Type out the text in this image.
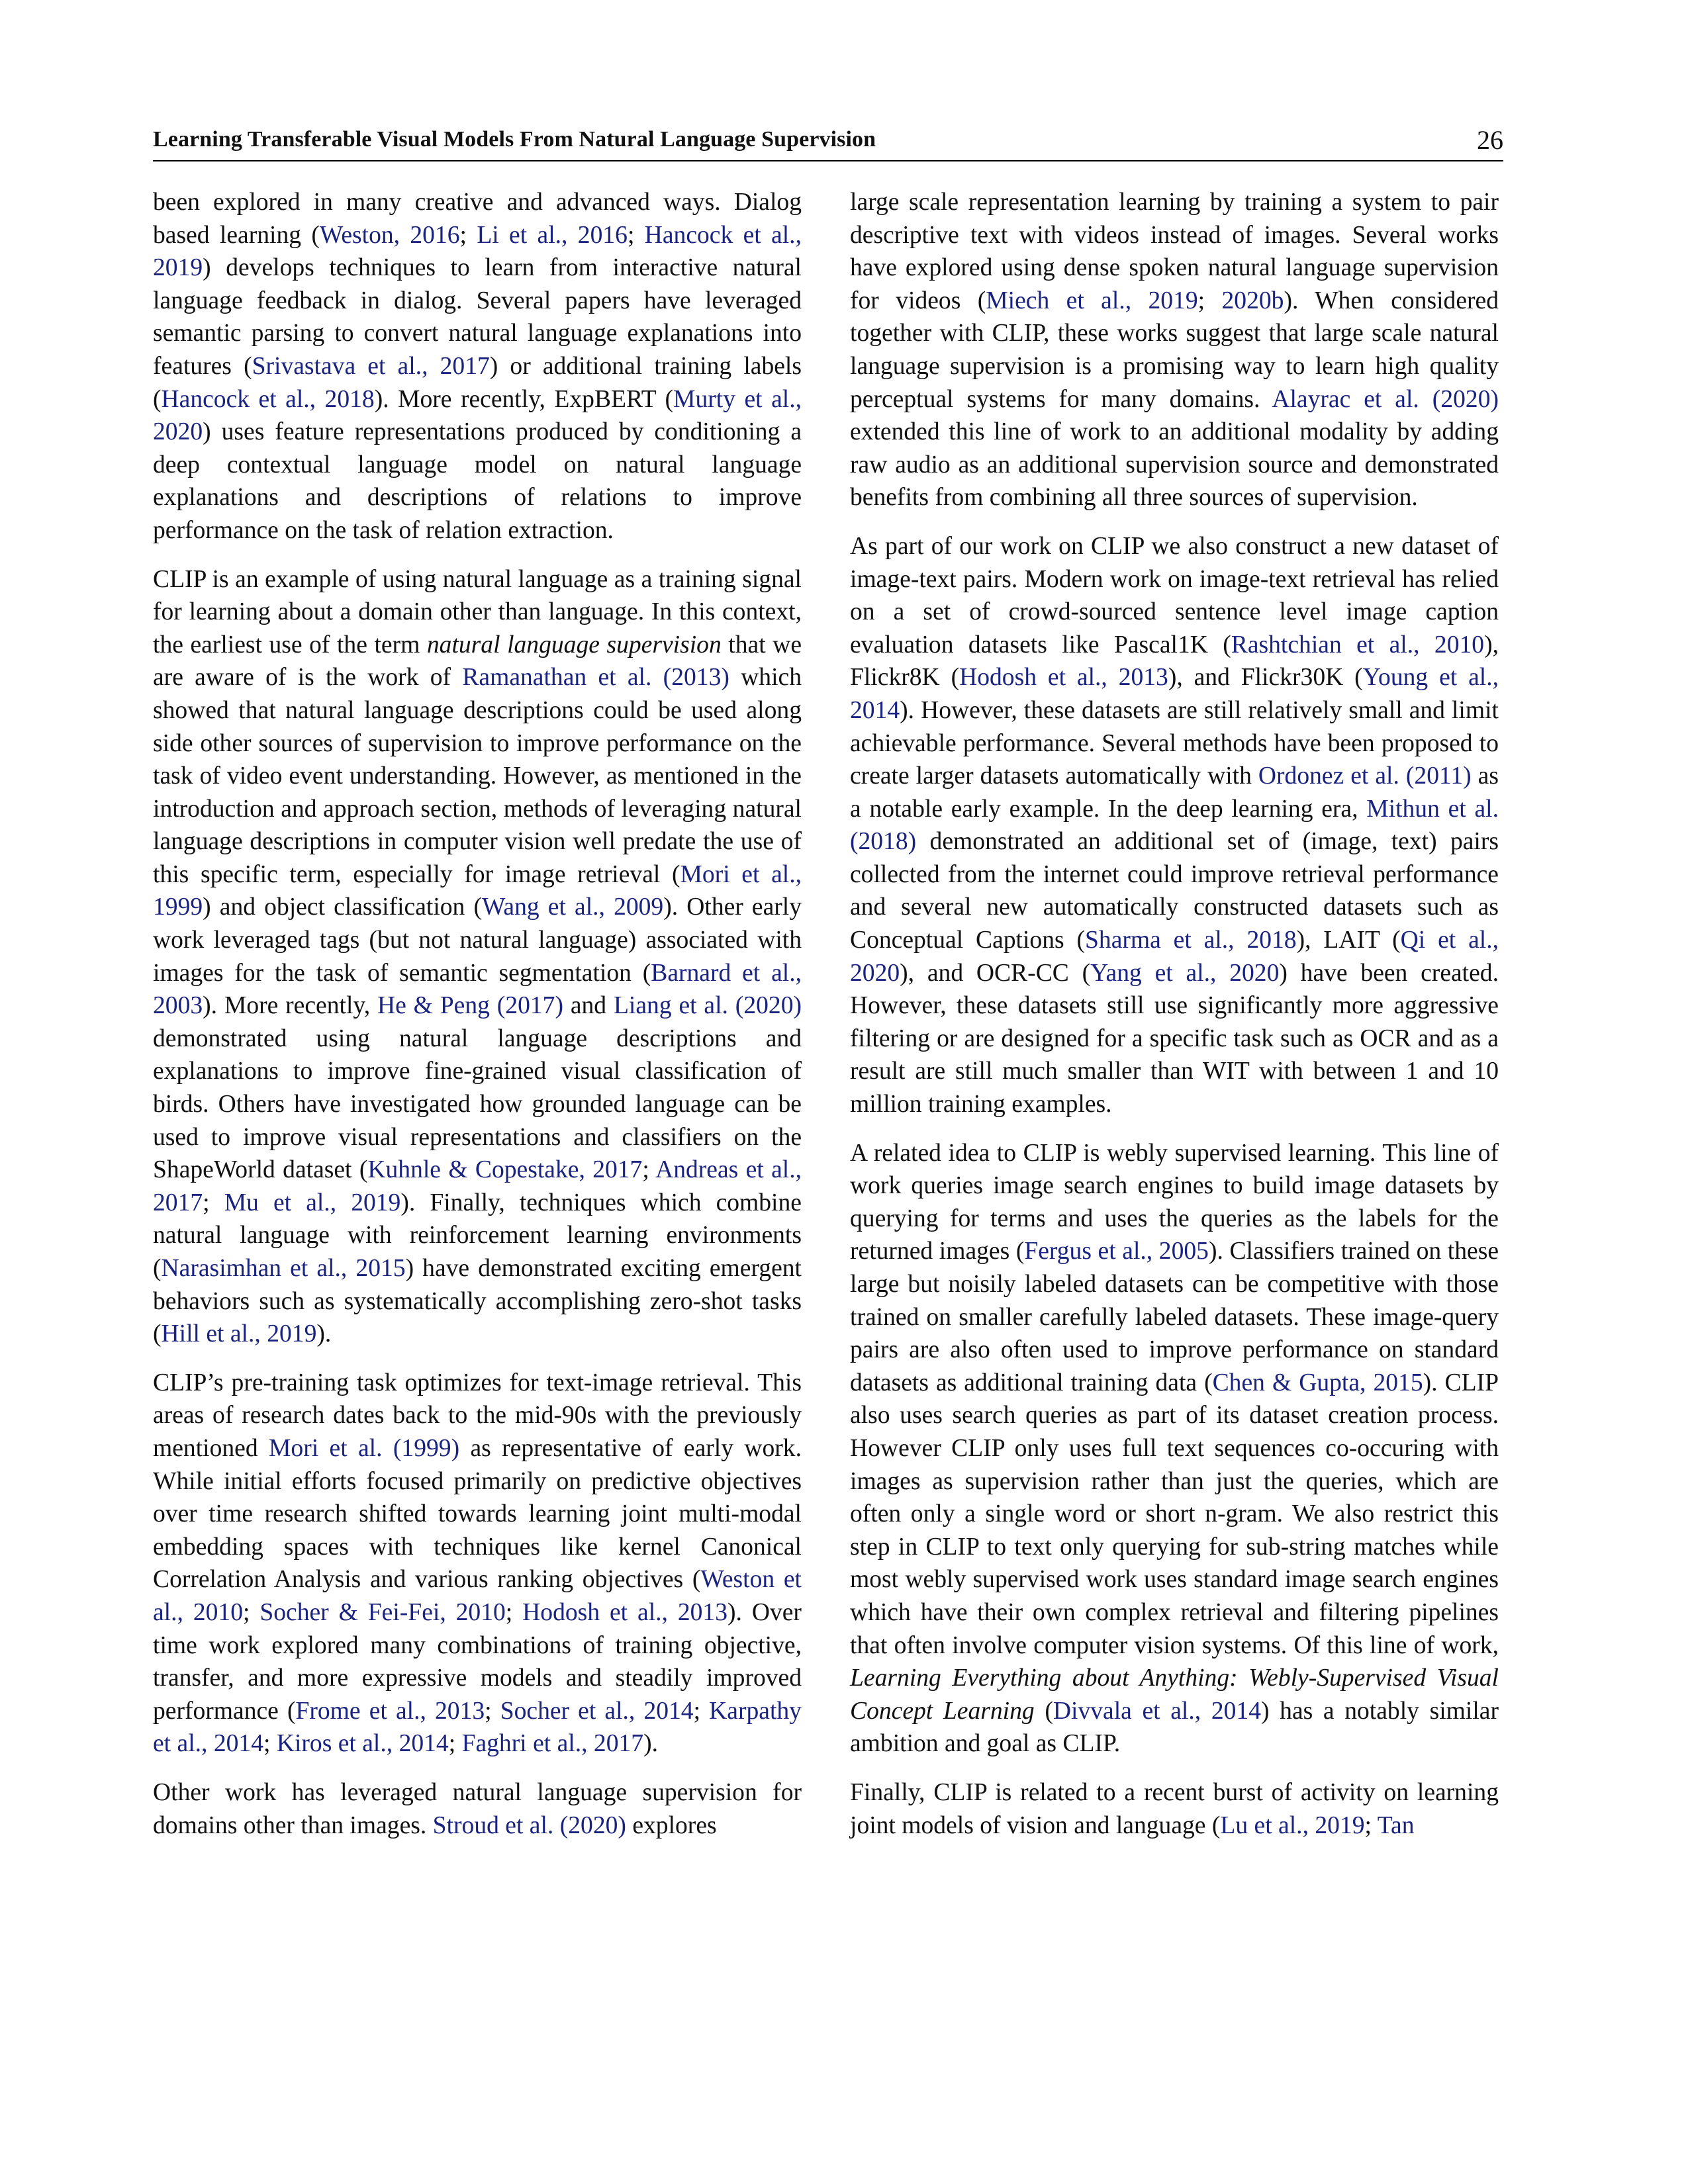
Learning Transferable Visual Models From Natural Language Supervision	26

been explored in many creative and advanced ways. Dialog based learning (Weston, 2016; Li et al., 2016; Hancock et al., 2019) develops techniques to learn from interactive natural language feedback in dialog. Several papers have leveraged semantic parsing to convert natural language explanations into features (Srivastava et al., 2017) or additional training labels (Hancock et al., 2018). More recently, ExpBERT (Murty et al., 2020) uses feature representations produced by conditioning a deep contextual language model on natural language explanations and descriptions of relations to improve performance on the task of relation extraction.

CLIP is an example of using natural language as a training signal for learning about a domain other than language. In this context, the earliest use of the term natural language supervision that we are aware of is the work of Ramanathan et al. (2013) which showed that natural language descriptions could be used along side other sources of supervision to improve performance on the task of video event understanding. However, as mentioned in the introduction and approach section, methods of leveraging natural language descriptions in computer vision well predate the use of this specific term, especially for image retrieval (Mori et al., 1999) and object classification (Wang et al., 2009). Other early work leveraged tags (but not natural language) associated with images for the task of semantic segmentation (Barnard et al., 2003). More recently, He & Peng (2017) and Liang et al. (2020) demonstrated using natural language descriptions and explanations to improve fine-grained visual classification of birds. Others have investigated how grounded language can be used to improve visual representations and classifiers on the ShapeWorld dataset (Kuhnle & Copestake, 2017; Andreas et al., 2017; Mu et al., 2019). Finally, techniques which combine natural language with reinforcement learning environments (Narasimhan et al., 2015) have demonstrated exciting emergent behaviors such as systematically accomplishing zero-shot tasks (Hill et al., 2019).

CLIP’s pre-training task optimizes for text-image retrieval. This areas of research dates back to the mid-90s with the previously mentioned Mori et al. (1999) as representative of early work. While initial efforts focused primarily on predictive objectives over time research shifted towards learning joint multi-modal embedding spaces with techniques like kernel Canonical Correlation Analysis and various ranking objectives (Weston et al., 2010; Socher & Fei-Fei, 2010; Hodosh et al., 2013). Over time work explored many combinations of training objective, transfer, and more expressive models and steadily improved performance (Frome et al., 2013; Socher et al., 2014; Karpathy et al., 2014; Kiros et al., 2014; Faghri et al., 2017).

Other work has leveraged natural language supervision for domains other than images. Stroud et al. (2020) explores

large scale representation learning by training a system to pair descriptive text with videos instead of images. Several works have explored using dense spoken natural language supervision for videos (Miech et al., 2019; 2020b). When considered together with CLIP, these works suggest that large scale natural language supervision is a promising way to learn high quality perceptual systems for many domains. Alayrac et al. (2020) extended this line of work to an additional modality by adding raw audio as an additional supervision source and demonstrated benefits from combining all three sources of supervision.

As part of our work on CLIP we also construct a new dataset of image-text pairs. Modern work on image-text retrieval has relied on a set of crowd-sourced sentence level image caption evaluation datasets like Pascal1K (Rashtchian et al., 2010), Flickr8K (Hodosh et al., 2013), and Flickr30K (Young et al., 2014). However, these datasets are still relatively small and limit achievable performance. Several methods have been proposed to create larger datasets automatically with Ordonez et al. (2011) as a notable early example. In the deep learning era, Mithun et al. (2018) demonstrated an additional set of (image, text) pairs collected from the internet could improve retrieval performance and several new automatically constructed datasets such as Conceptual Captions (Sharma et al., 2018), LAIT (Qi et al., 2020), and OCR-CC (Yang et al., 2020) have been created. However, these datasets still use significantly more aggressive filtering or are designed for a specific task such as OCR and as a result are still much smaller than WIT with between 1 and 10 million training examples.

A related idea to CLIP is webly supervised learning. This line of work queries image search engines to build image datasets by querying for terms and uses the queries as the labels for the returned images (Fergus et al., 2005). Classifiers trained on these large but noisily labeled datasets can be competitive with those trained on smaller carefully labeled datasets. These image-query pairs are also often used to improve performance on standard datasets as additional training data (Chen & Gupta, 2015). CLIP also uses search queries as part of its dataset creation process. However CLIP only uses full text sequences co-occuring with images as supervision rather than just the queries, which are often only a single word or short n-gram. We also restrict this step in CLIP to text only querying for sub-string matches while most webly supervised work uses standard image search engines which have their own complex retrieval and filtering pipelines that often involve computer vision systems. Of this line of work, Learning Everything about Anything: Webly-Supervised Visual Concept Learning (Divvala et al., 2014) has a notably similar ambition and goal as CLIP.

Finally, CLIP is related to a recent burst of activity on learning joint models of vision and language (Lu et al., 2019; Tan
